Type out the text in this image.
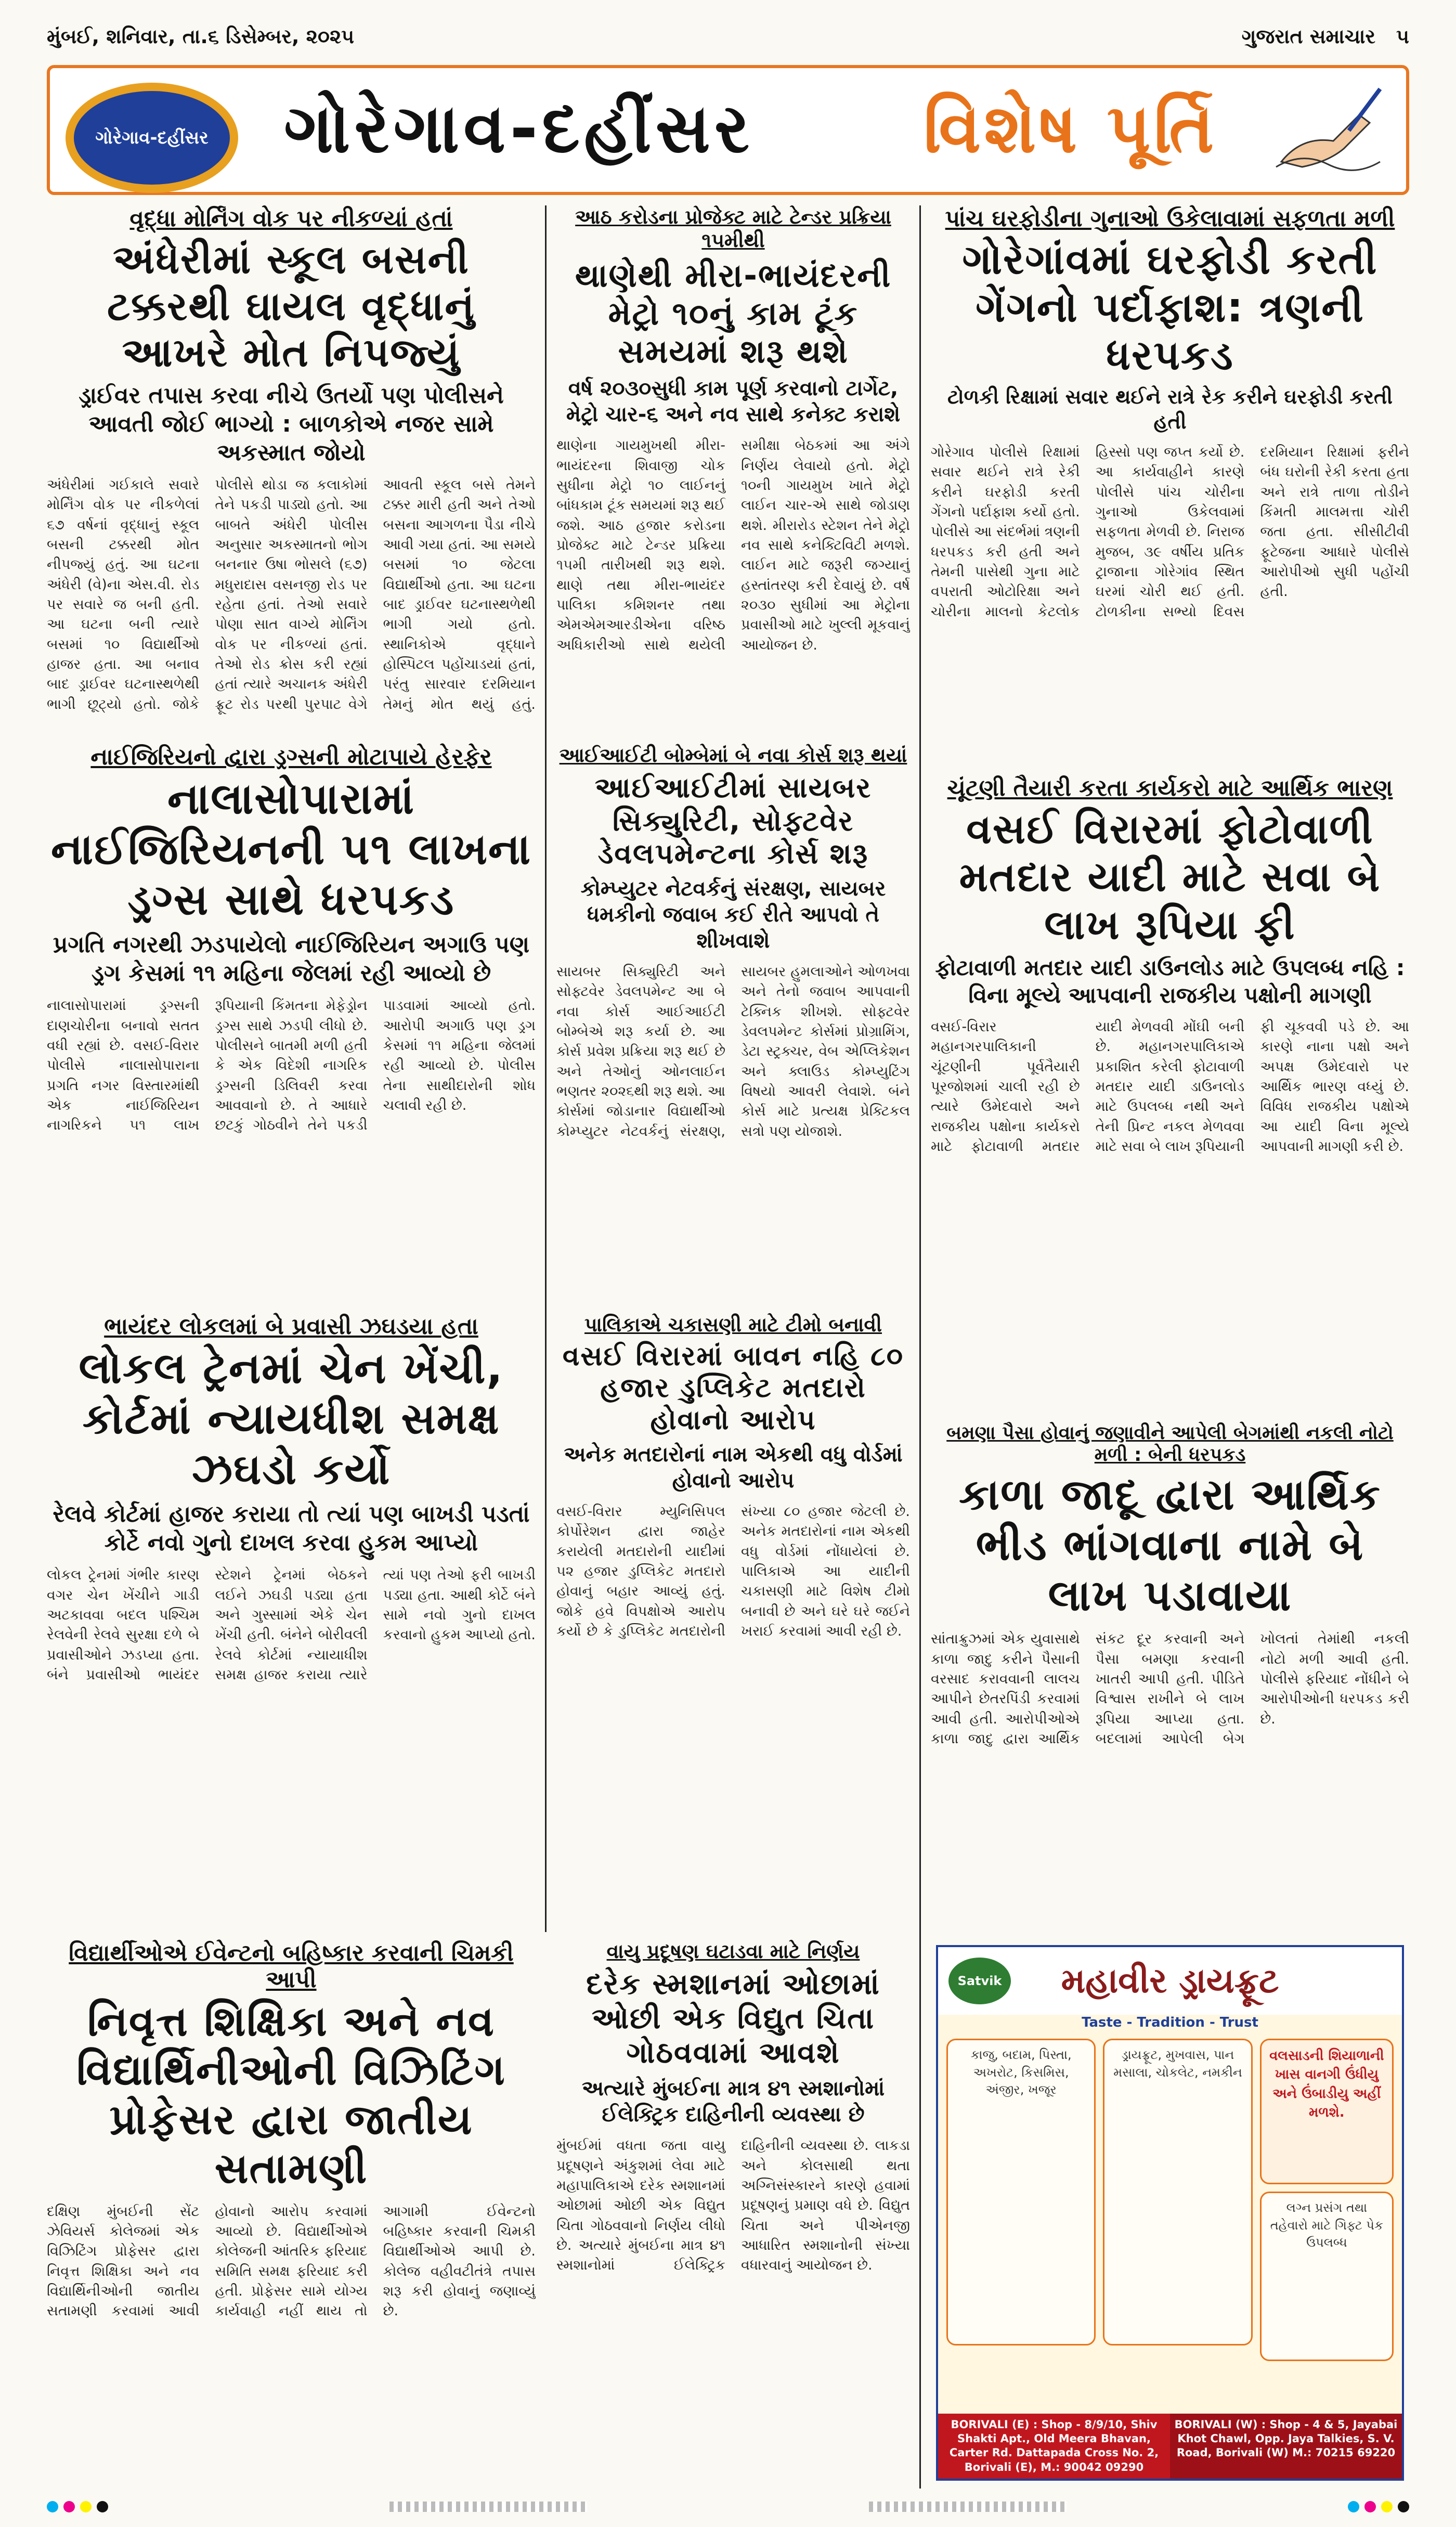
મુંબઈ, શનિવાર, તા.૬ ડિસેમ્બર, ૨૦૨૫	ગુજરાત સમાચાર ૫
ગોરેગાવ-દહીંસર ગોરેગાવ-દહીંસર	વિશેષ પૂર્તિ
વૃદ્ધા મોર્નિંગ વોક પર નીકળ્યાં હતાં
અંધેરીમાં સ્કૂલ બસની ટક્કરથી ઘાયલ વૃદ્ધાનું આખરે મોત નિપજ્યું
ડ્રાઈવર તપાસ કરવા નીચે ઉતર્યો પણ પોલીસને આવતી જોઈ ભાગ્યો : બાળકોએ નજર સામે અકસ્માત જોયો
અંધેરીમાં ગઈકાલે સવારે મોર્નિંગ વોક પર નીકળેલાં ૬૭ વર્ષનાં વૃદ્ધાનું સ્કૂલ બસની ટક્કરથી મોત નીપજ્યું હતું. આ ઘટના અંધેરી (વે)ના એસ.વી. રોડ પર સવારે જ બની હતી. આ ઘટના બની ત્યારે બસમાં ૧૦ વિદ્યાર્થીઓ હાજર હતા. આ બનાવ બાદ ડ્રાઈવર ઘટનાસ્થળેથી ભાગી છૂટ્યો હતો. જોકે પોલીસે થોડા જ કલાકોમાં તેને પકડી પાડ્યો હતો. આ બાબતે અંધેરી પોલીસ અનુસાર અકસ્માતનો ભોગ બનનાર ઉષા ભોસલે (૬૭) મધુરાદાસ વસનજી રોડ પર રહેતા હતાં. તેઓ સવારે પોણા સાત વાગ્યે મોર્નિંગ વોક પર નીકળ્યાં હતાં. તેઓ રોડ ક્રોસ કરી રહ્યાં હતાં ત્યારે અચાનક અંધેરી ફ્રૂટ રોડ પરથી પુરપાટ વેગે આવતી સ્કૂલ બસે તેમને ટક્કર મારી હતી અને તેઓ બસના આગળના પૈડા નીચે આવી ગયા હતાં. આ સમયે બસમાં ૧૦ જેટલા વિદ્યાર્થીઓ હતા. આ ઘટના બાદ ડ્રાઈવર ઘટનાસ્થળેથી ભાગી ગયો હતો. સ્થાનિકોએ વૃદ્ધાને હોસ્પિટલ પહોંચાડયાં હતાં, પરંતુ સારવાર દરમિયાન તેમનું મોત થયું હતું.
આઠ કરોડના પ્રોજેક્ટ માટે ટેન્ડર પ્રક્રિયા ૧૫મીથી
થાણેથી મીરા-ભાયંદરની મેટ્રો ૧૦નું કામ ટૂંક સમયમાં શરૂ થશે
વર્ષ ૨૦૩૦સુધી કામ પૂર્ણ કરવાનો ટાર્ગેટ, મેટ્રો ચાર-૬ અને નવ સાથે કનેક્ટ કરાશે
થાણેના ગાયમુખથી મીરા-ભાયંદરના શિવાજી ચોક સુધીના મેટ્રો ૧૦ લાઈનનું બાંધકામ ટૂંક સમયમાં શરૂ થઈ જશે. આઠ હજાર કરોડના પ્રોજેક્ટ માટે ટેન્ડર પ્રક્રિયા ૧૫મી તારીખથી શરૂ થશે. થાણે તથા મીરા-ભાયંદર પાલિકા કમિશનર તથા એમએમઆરડીએના વરિષ્ઠ અધિકારીઓ સાથે થયેલી સમીક્ષા બેઠકમાં આ અંગે નિર્ણય લેવાયો હતો. મેટ્રો ૧૦ની ગાયમુખ ખાતે મેટ્રો લાઈન ચાર-એ સાથે જોડાણ થશે. મીરારોડ સ્ટેશન તેને મેટ્રો નવ સાથે કનેક્ટિવિટી મળશે. લાઈન માટે જરૂરી જગ્યાનું હસ્તાંતરણ કરી દેવાયું છે. વર્ષ ૨૦૩૦ સુધીમાં આ મેટ્રોના પ્રવાસીઓ માટે ખુલ્લી મૂકવાનું આયોજન છે.
પાંચ ઘરફોડીના ગુનાઓ ઉકેલાવામાં સફળતા મળી
ગોરેગાંવમાં ઘરફોડી કરતી ગેંગનો પર્દાફાશ: ત્રણની ધરપકડ
ટોળકી રિક્ષામાં સવાર થઈને રાત્રે રેક કરીને ઘરફોડી કરતી હતી
ગોરેગાવ પોલીસે રિક્ષામાં સવાર થઈને રાત્રે રેકી કરીને ઘરફોડી કરતી ગેંગનો પર્દાફાશ કર્યો હતો. પોલીસે આ સંદર્ભમાં ત્રણની ધરપકડ કરી હતી અને તેમની પાસેથી ગુના માટે વપરાતી ઓટોરિક્ષા અને ચોરીના માલનો કેટલોક હિસ્સો પણ જપ્ત કર્યો છે. આ કાર્યવાહીને કારણે પોલીસે પાંચ ચોરીના ગુનાઓ ઉકેલવામાં સફળતા મેળવી છે. નિરાજ મુજબ, ૩૯ વર્ષીય પ્રતિક ટ્રાજાના ગોરેગાંવ સ્થિત ઘરમાં ચોરી થઈ હતી. ટોળકીના સભ્યો દિવસ દરમિયાન રિક્ષામાં ફરીને બંધ ઘરોની રેકી કરતા હતા અને રાત્રે તાળા તોડીને કિંમતી માલમત્તા ચોરી જતા હતા. સીસીટીવી ફૂટેજના આધારે પોલીસે આરોપીઓ સુધી પહોંચી હતી.
નાઈજિરિયનો દ્વારા ડ્રગ્સની મોટાપાયે હેરફેર
નાલાસોપારામાં નાઈજિરિયનની ૫૧ લાખના ડ્રગ્સ સાથે ધરપકડ
પ્રગતિ નગરથી ઝડપાયેલો નાઈજિરિયન અગાઉ પણ ડ્રગ કેસમાં ૧૧ મહિના જેલમાં રહી આવ્યો છે
નાલાસોપારામાં ડ્રગ્સની દાણચોરીના બનાવો સતત વધી રહ્યાં છે. વસઈ-વિરાર પોલીસે નાલાસોપારાના પ્રગતિ નગર વિસ્તારમાંથી એક નાઈજિરિયન નાગરિકને ૫૧ લાખ રૂપિયાની કિંમતના મેફેડ્રોન ડ્રગ્સ સાથે ઝડપી લીધો છે. પોલીસને બાતમી મળી હતી કે એક વિદેશી નાગરિક ડ્રગ્સની ડિલિવરી કરવા આવવાનો છે. તે આધારે છટકું ગોઠવીને તેને પકડી પાડવામાં આવ્યો હતો. આરોપી અગાઉ પણ ડ્રગ કેસમાં ૧૧ મહિના જેલમાં રહી આવ્યો છે. પોલીસ તેના સાથીદારોની શોધ ચલાવી રહી છે.
આઈઆઈટી બોમ્બેમાં બે નવા કોર્સ શરૂ થયાં
આઈઆઈટીમાં સાયબર સિક્યુરિટી, સોફ્ટવેર ડેવલપમેન્ટના કોર્સ શરૂ
કોમ્પ્યુટર નેટવર્કનું સંરક્ષણ, સાયબર ધમકીનો જવાબ કઈ રીતે આપવો તે શીખવાશે
સાયબર સિક્યુરિટી અને સોફ્ટવેર ડેવલપમેન્ટ આ બે નવા કોર્સ આઈઆઈટી બોમ્બેએ શરૂ કર્યા છે. આ કોર્સ પ્રવેશ પ્રક્રિયા શરૂ થઈ છે અને તેઓનું ઓનલાઈન ભણતર ૨૦૨૬થી શરૂ થશે. આ કોર્સમાં જોડાનાર વિદ્યાર્થીઓ કોમ્પ્યુટર નેટવર્કનું સંરક્ષણ, સાયબર હુમલાઓને ઓળખવા અને તેનો જવાબ આપવાની ટેક્નિક શીખશે. સોફ્ટવેર ડેવલપમેન્ટ કોર્સમાં પ્રોગ્રામિંગ, ડેટા સ્ટ્રક્ચર, વેબ એપ્લિકેશન અને ક્લાઉડ કોમ્પ્યુટિંગ વિષયો આવરી લેવાશે. બંને કોર્સ માટે પ્રત્યક્ષ પ્રેક્ટિકલ સત્રો પણ યોજાશે.
ચૂંટણી તૈયારી કરતા કાર્યકરો માટે આર્થિક ભારણ
વસઈ વિરારમાં ફોટોવાળી મતદાર યાદી માટે સવા બે લાખ રૂપિયા ફી
ફોટાવાળી મતદાર યાદી ડાઉનલોડ માટે ઉપલબ્ધ નહિ : વિના મૂલ્યે આપવાની રાજકીય પક્ષોની માગણી
વસઈ-વિરાર મહાનગરપાલિકાની ચૂંટણીની પૂર્વતૈયારી પૂરજોશમાં ચાલી રહી છે ત્યારે ઉમેદવારો અને રાજકીય પક્ષોના કાર્યકરો માટે ફોટાવાળી મતદાર યાદી મેળવવી મોંઘી બની છે. મહાનગરપાલિકાએ પ્રકાશિત કરેલી ફોટાવાળી મતદાર યાદી ડાઉનલોડ માટે ઉપલબ્ધ નથી અને તેની પ્રિન્ટ નકલ મેળવવા માટે સવા બે લાખ રૂપિયાની ફી ચૂકવવી પડે છે. આ કારણે નાના પક્ષો અને અપક્ષ ઉમેદવારો પર આર્થિક ભારણ વધ્યું છે. વિવિધ રાજકીય પક્ષોએ આ યાદી વિના મૂલ્યે આપવાની માગણી કરી છે.
પાલિકાએ ચકાસણી માટે ટીમો બનાવી
વસઈ વિરારમાં બાવન નહિ ૮૦ હજાર ડુપ્લિકેટ મતદારો હોવાનો આરોપ
અનેક મતદારોનાં નામ એકથી વધુ વોર્ડમાં હોવાનો આરોપ
વસઈ-વિરાર મ્યુનિસિપલ કોર્પોરેશન દ્વારા જાહેર કરાયેલી મતદારોની યાદીમાં ૫૨ હજાર ડુપ્લિકેટ મતદારો હોવાનું બહાર આવ્યું હતું. જોકે હવે વિપક્ષોએ આરોપ કર્યો છે કે ડુપ્લિકેટ મતદારોની સંખ્યા ૮૦ હજાર જેટલી છે. અનેક મતદારોનાં નામ એકથી વધુ વોર્ડમાં નોંધાયેલાં છે. પાલિકાએ આ યાદીની ચકાસણી માટે વિશેષ ટીમો બનાવી છે અને ઘરે ઘરે જઈને ખરાઈ કરવામાં આવી રહી છે.
ભાયંદર લોકલમાં બે પ્રવાસી ઝઘડયા હતા
લોકલ ટ્રેનમાં ચેન ખેંચી, કોર્ટમાં ન્યાયધીશ સમક્ષ ઝઘડો કર્યો
રેલવે કોર્ટમાં હાજર કરાયા તો ત્યાં પણ બાખડી પડતાં કોર્ટે નવો ગુનો દાખલ કરવા હુકમ આપ્યો
લોકલ ટ્રેનમાં ગંભીર કારણ વગર ચેન ખેંચીને ગાડી અટકાવવા બદલ પશ્ચિમ રેલવેની રેલવે સુરક્ષા દળે બે પ્રવાસીઓને ઝડપ્યા હતા. બંને પ્રવાસીઓ ભાયંદર સ્ટેશને ટ્રેનમાં બેઠકને લઈને ઝઘડી પડ્યા હતા અને ગુસ્સામાં એકે ચેન ખેંચી હતી. બંનેને બોરીવલી રેલવે કોર્ટમાં ન્યાયાધીશ સમક્ષ હાજર કરાયા ત્યારે ત્યાં પણ તેઓ ફરી બાખડી પડ્યા હતા. આથી કોર્ટે બંને સામે નવો ગુનો દાખલ કરવાનો હુકમ આપ્યો હતો.
બમણા પૈસા હોવાનું જણાવીને આપેલી બેગમાંથી નકલી નોટો મળી : બેની ધરપકડ
કાળા જાદૂ દ્વારા આર્થિક ભીડ ભાંગવાના નામે બે લાખ પડાવાયા
સાંતાક્રુઝમાં એક યુવાસાથે કાળા જાદુ કરીને પૈસાની વરસાદ કરાવવાની લાલચ આપીને છેતરપિંડી કરવામાં આવી હતી. આરોપીઓએ કાળા જાદુ દ્વારા આર્થિક સંકટ દૂર કરવાની અને પૈસા બમણા કરવાની ખાતરી આપી હતી. પીડિતે વિશ્વાસ રાખીને બે લાખ રૂપિયા આપ્યા હતા. બદલામાં આપેલી બેગ ખોલતાં તેમાંથી નકલી નોટો મળી આવી હતી. પોલીસે ફરિયાદ નોંધીને બે આરોપીઓની ધરપકડ કરી છે.
વિદ્યાર્થીઓએ ઈવેન્ટનો બહિષ્કાર કરવાની ચિમકી આપી
નિવૃત્ત શિક્ષિકા અને નવ વિદ્યાર્થિનીઓની વિઝિટિંગ પ્રોફેસર દ્વારા જાતીય સતામણી
દક્ષિણ મુંબઈની સેંટ ઝેવિયર્સ કોલેજમાં એક વિઝિટિંગ પ્રોફેસર દ્વારા નિવૃત્ત શિક્ષિકા અને નવ વિદ્યાર્થિનીઓની જાતીય સતામણી કરવામાં આવી હોવાનો આરોપ કરવામાં આવ્યો છે. વિદ્યાર્થીઓએ કોલેજની આંતરિક ફરિયાદ સમિતિ સમક્ષ ફરિયાદ કરી હતી. પ્રોફેસર સામે યોગ્ય કાર્યવાહી નહીં થાય તો આગામી ઈવેન્ટનો બહિષ્કાર કરવાની ચિમકી વિદ્યાર્થીઓએ આપી છે. કોલેજ વહીવટીતંત્રે તપાસ શરૂ કરી હોવાનું જણાવ્યું છે.
વાયુ પ્રદૂષણ ઘટાડવા માટે નિર્ણય
દરેક સ્મશાનમાં ઓછામાં ઓછી એક વિદ્યુત ચિતા ગોઠવવામાં આવશે
અત્યારે મુંબઈના માત્ર ૪૧ સ્મશાનોમાં ઈલેક્ટ્રિક દાહિનીની વ્યવસ્થા છે
મુંબઈમાં વધતા જતા વાયુ પ્રદૂષણને અંકુશમાં લેવા માટે મહાપાલિકાએ દરેક સ્મશાનમાં ઓછામાં ઓછી એક વિદ્યુત ચિતા ગોઠવવાનો નિર્ણય લીધો છે. અત્યારે મુંબઈના માત્ર ૪૧ સ્મશાનોમાં ઈલેક્ટ્રિક દાહિનીની વ્યવસ્થા છે. લાકડા અને કોલસાથી થતા અગ્નિસંસ્કારને કારણે હવામાં પ્રદૂષણનું પ્રમાણ વધે છે. વિદ્યુત ચિતા અને પીએનજી આધારિત સ્મશાનોની સંખ્યા વધારવાનું આયોજન છે.
Satvik મહાવીર ડ્રાયફ્રૂટ
Taste - Tradition - Trust
કાજુ, બદામ, પિસ્તા, અખરોટ, કિસમિસ, અંજીર, ખજૂર
ડ્રાયફ્રૂટ, મુખવાસ, પાન મસાલા, ચોકલેટ, નમકીન
વલસાડની શિયાળાની ખાસ વાનગી ઉંધીયુ અને ઉંબાડીયુ અહીં મળશે.
લગ્ન પ્રસંગ તથા તહેવારો માટે ગિફ્ટ પેક ઉપલબ્ધ
BORIVALI (E) : Shop - 8/9/10, Shiv Shakti Apt., Old Meera Bhavan, Carter Rd. Dattapada Cross No. 2, Borivali (E), M.: 90042 09290
BORIVALI (W) : Shop - 4 & 5, Jayabai Khot Chawl, Opp. Jaya Talkies, S. V. Road, Borivali (W) M.: 70215 69220
